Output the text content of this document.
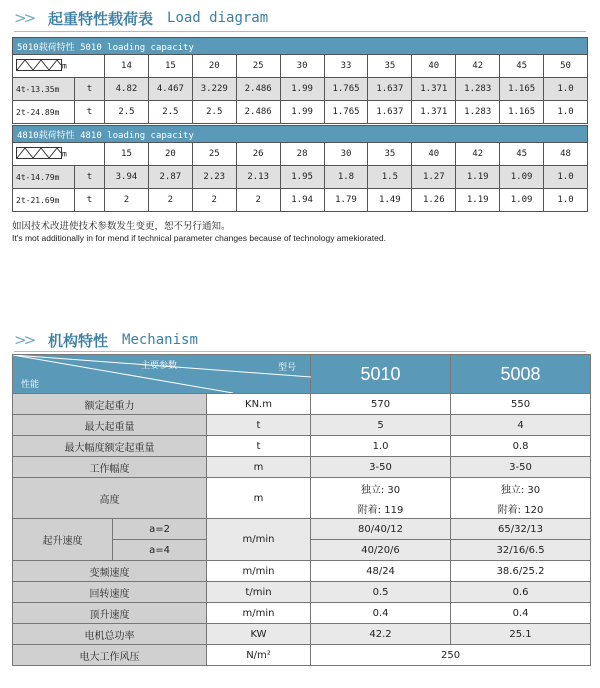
>> 起重特性载荷表 Load diagram
5010载荷特性 5010 loading capacity												
m		14	15	20	25	30	33	35	40	42	45	50
4t-13.35m	t	4.82	4.467	3.229	2.486	1.99	1.765	1.637	1.371	1.283	1.165	1.0
2t-24.89m	t	2.5	2.5	2.5	2.486	1.99	1.765	1.637	1.371	1.283	1.165	1.0
4810载荷特性 4810 loading capacity												
m		15	20	25	26	28	30	35	40	42	45	48
4t-14.79m	t	3.94	2.87	2.23	2.13	1.95	1.8	1.5	1.27	1.19	1.09	1.0
2t-21.69m	t	2	2	2	2	1.94	1.79	1.49	1.26	1.19	1.09	1.0
如因技术改进使技术参数发生变更，恕不另行通知。
It's mot additionally in for mend if technical parameter changes because of technology amekiorated.
>> 机构特性 Mechanism
主要参数 型号
性能			5010	5008
额定起重力		KN.m	570	550
最大起重量		t	5	4
最大幅度额定起重量		t	1.0	0.8
工作幅度		m	3-50	3-50
高度		m	独立: 30	独立: 30
			附着: 119	附着: 120
起升速度	a=2	m/min	80/40/12	65/32/13
	a=4		40/20/6	32/16/6.5
变频速度		m/min	48/24	38.6/25.2
回转速度		t/min	0.5	0.6
顶升速度		m/min	0.4	0.4
电机总功率		KW	42.2	25.1
电大工作风压		N/m²	250	
